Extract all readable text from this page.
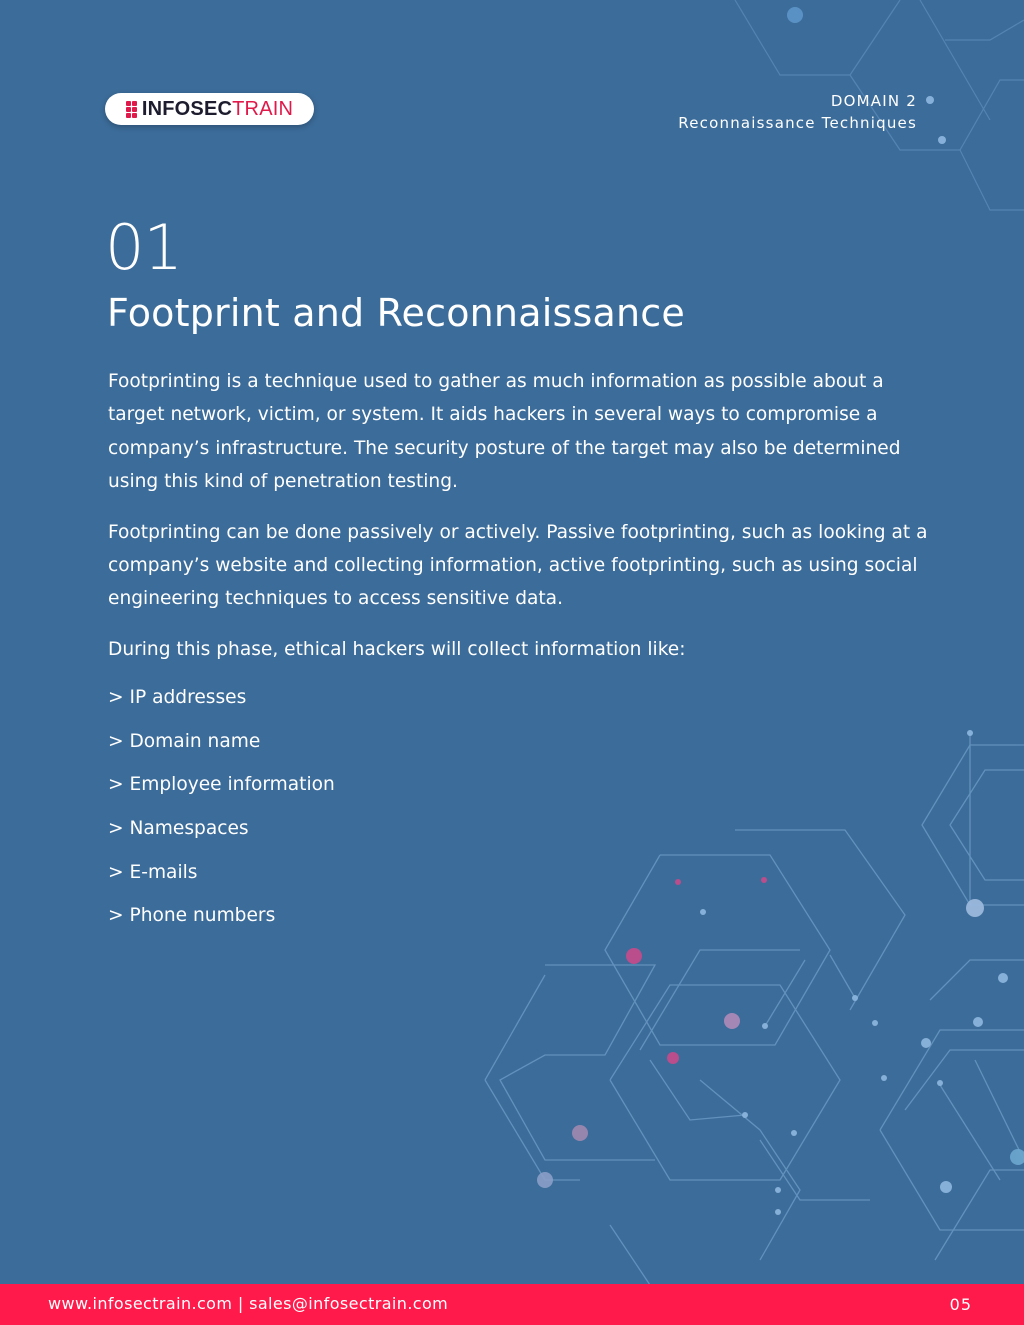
INFOSECTRAIN	DOMAIN 2
Reconnaissance Techniques
01
Footprint and Reconnaissance

Footprinting is a technique used to gather as much information as possible about a target network, victim, or system. It aids hackers in several ways to compromise a company’s infrastructure. The security posture of the target may also be determined using this kind of penetration testing.

Footprinting can be done passively or actively. Passive footprinting, such as looking at a company’s website and collecting information, active footprinting, such as using social engineering techniques to access sensitive data.

During this phase, ethical hackers will collect information like:

> IP addresses
> Domain name
> Employee information
> Namespaces
> E-mails
> Phone numbers
www.infosectrain.com | sales@infosectrain.com	05
